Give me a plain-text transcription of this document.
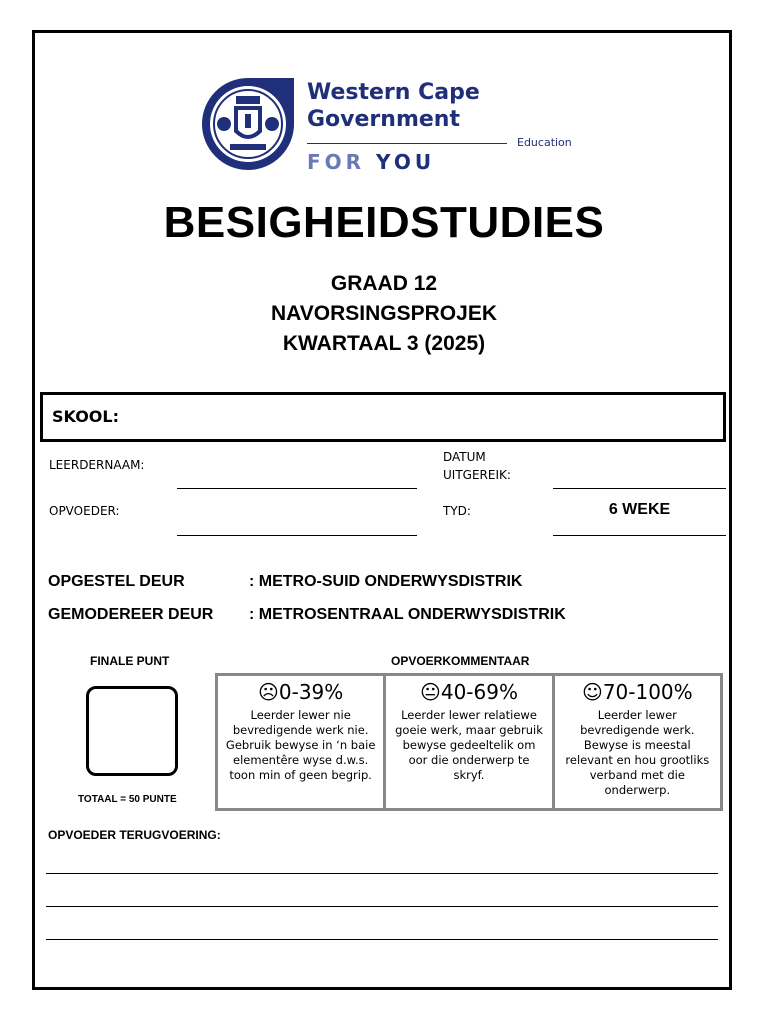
Western Cape
Government
Education
FOR YOU
BESIGHEIDSTUDIES
GRAAD 12
NAVORSINGSPROJEK
KWARTAAL 3 (2025)
SKOOL:
LEERDERNAAM:
DATUM
UITGEREIK:
OPVOEDER:	TYD:	6 WEKE
OPGESTEL DEUR	: METRO-SUID ONDERWYSDISTRIK
GEMODEREER DEUR : METROSENTRAAL ONDERWYSDISTRIK
FINALE PUNT
TOTAAL = 50 PUNTE
OPVOERKOMMENTAAR
☹0-39%
Leerder lewer nie bevredigende werk nie. Gebruik bewyse in ‘n baie elementêre wyse d.w.s. toon min of geen begrip.
😐40-69%
Leerder lewer relatiewe goeie werk, maar gebruik bewyse gedeeltelik om oor die onderwerp te skryf.
☺70-100%
Leerder lewer bevredigende werk. Bewyse is meestal relevant en hou grootliks verband met die onderwerp.
OPVOEDER TERUGVOERING:
